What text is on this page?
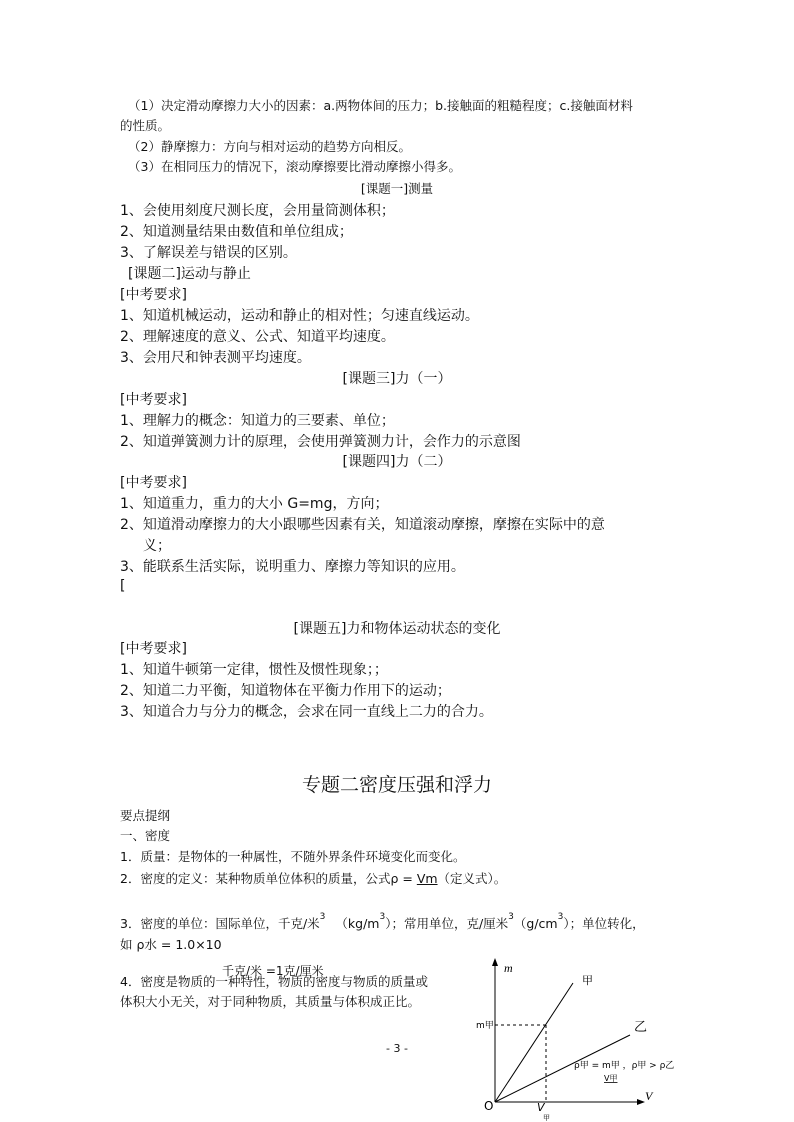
（1）决定滑动摩擦力大小的因素：a.两物体间的压力；b.接触面的粗糙程度；c.接触面材料
的性质。
（2）静摩擦力：方向与相对运动的趋势方向相反。
（3）在相同压力的情况下，滚动摩擦要比滑动摩擦小得多。
[课题一]测量
1、会使用刻度尺测长度，会用量筒测体积；
2、知道测量结果由数值和单位组成；
3、了解误差与错误的区别。
[课题二]运动与静止
[中考要求]
1、知道机械运动，运动和静止的相对性；匀速直线运动。
2、理解速度的意义、公式、知道平均速度。
3、会用尺和钟表测平均速度。
[课题三]力（一）
[中考要求]
1、理解力的概念：知道力的三要素、单位；
2、知道弹簧测力计的原理，会使用弹簧测力计，会作力的示意图
[课题四]力（二）
[中考要求]
1、知道重力，重力的大小 G=mg，方向；
2、知道滑动摩擦力的大小跟哪些因素有关，知道滚动摩擦，摩擦在实际中的意
义；
3、能联系生活实际，说明重力、摩擦力等知识的应用。
[
[课题五]力和物体运动状态的变化
[中考要求]
1、知道牛顿第一定律，惯性及惯性现象；；
2、知道二力平衡，知道物体在平衡力作用下的运动；
3、知道合力与分力的概念，会求在同一直线上二力的合力。
专题二密度压强和浮力
要点提纲
一、密度
1．质量：是物体的一种属性，不随外界条件环境变化而变化。
2．密度的定义：某种物质单位体积的质量，公式ρ = Vm（定义式）。
3．密度的单位：国际单位，千克/米$^3$ $(kg/m^3)$；常用单位，克/厘米$^3(g/cm^3)$；单位转化，
如 ρ水 = 1.0×10
千克/米 =1克/厘米
4．密度是物质的一种特性，物质的密度与物质的质量或
体积大小无关，对于同种物质，其质量与体积成正比。
- 3 -
m
V
O
甲
乙
m甲
V
甲
ρ甲 = m甲 ，ρ甲 > ρ乙
V甲
